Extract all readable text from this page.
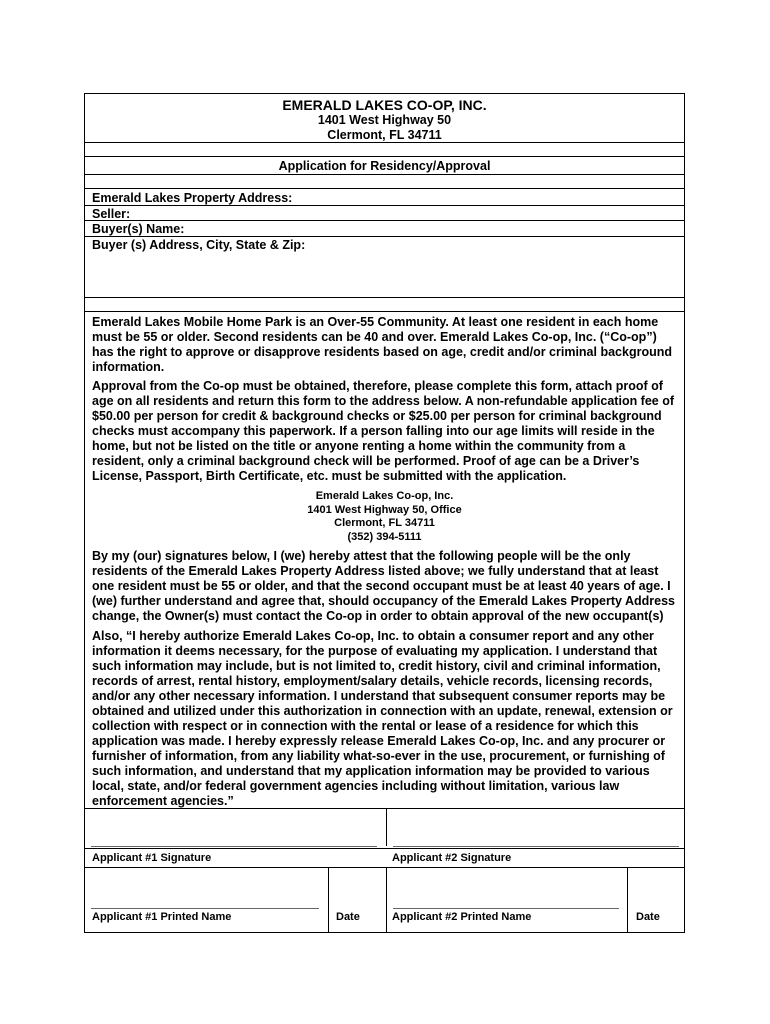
EMERALD LAKES CO-OP, INC.
1401 West Highway 50
Clermont, FL 34711
Application for Residency/Approval
Emerald Lakes Property Address:
Seller:
Buyer(s) Name:
Buyer (s) Address, City, State & Zip:
Emerald Lakes Mobile Home Park is an Over-55 Community. At least one resident in each home
must be 55 or older. Second residents can be 40 and over. Emerald Lakes Co-op, Inc. (“Co-op”)
has the right to approve or disapprove residents based on age, credit and/or criminal background
information.
Approval from the Co-op must be obtained, therefore, please complete this form, attach proof of
age on all residents and return this form to the address below. A non-refundable application fee of
$50.00 per person for credit & background checks or $25.00 per person for criminal background
checks must accompany this paperwork. If a person falling into our age limits will reside in the
home, but not be listed on the title or anyone renting a home within the community from a
resident, only a criminal background check will be performed. Proof of age can be a Driver’s
License, Passport, Birth Certificate, etc. must be submitted with the application.
Emerald Lakes Co-op, Inc.
1401 West Highway 50, Office
Clermont, FL 34711
(352) 394-5111
By my (our) signatures below, I (we) hereby attest that the following people will be the only
residents of the Emerald Lakes Property Address listed above; we fully understand that at least
one resident must be 55 or older, and that the second occupant must be at least 40 years of age. I
(we) further understand and agree that, should occupancy of the Emerald Lakes Property Address
change, the Owner(s) must contact the Co-op in order to obtain approval of the new occupant(s)
Also, “I hereby authorize Emerald Lakes Co-op, Inc. to obtain a consumer report and any other
information it deems necessary, for the purpose of evaluating my application. I understand that
such information may include, but is not limited to, credit history, civil and criminal information,
records of arrest, rental history, employment/salary details, vehicle records, licensing records,
and/or any other necessary information. I understand that subsequent consumer reports may be
obtained and utilized under this authorization in connection with an update, renewal, extension or
collection with respect or in connection with the rental or lease of a residence for which this
application was made. I hereby expressly release Emerald Lakes Co-op, Inc. and any procurer or
furnisher of information, from any liability what-so-ever in the use, procurement, or furnishing of
such information, and understand that my application information may be provided to various
local, state, and/or federal government agencies including without limitation, various law
enforcement agencies.”
Applicant #1 Signature	Applicant #2 Signature
Applicant #1 Printed Name	Date	Applicant #2 Printed Name	Date
